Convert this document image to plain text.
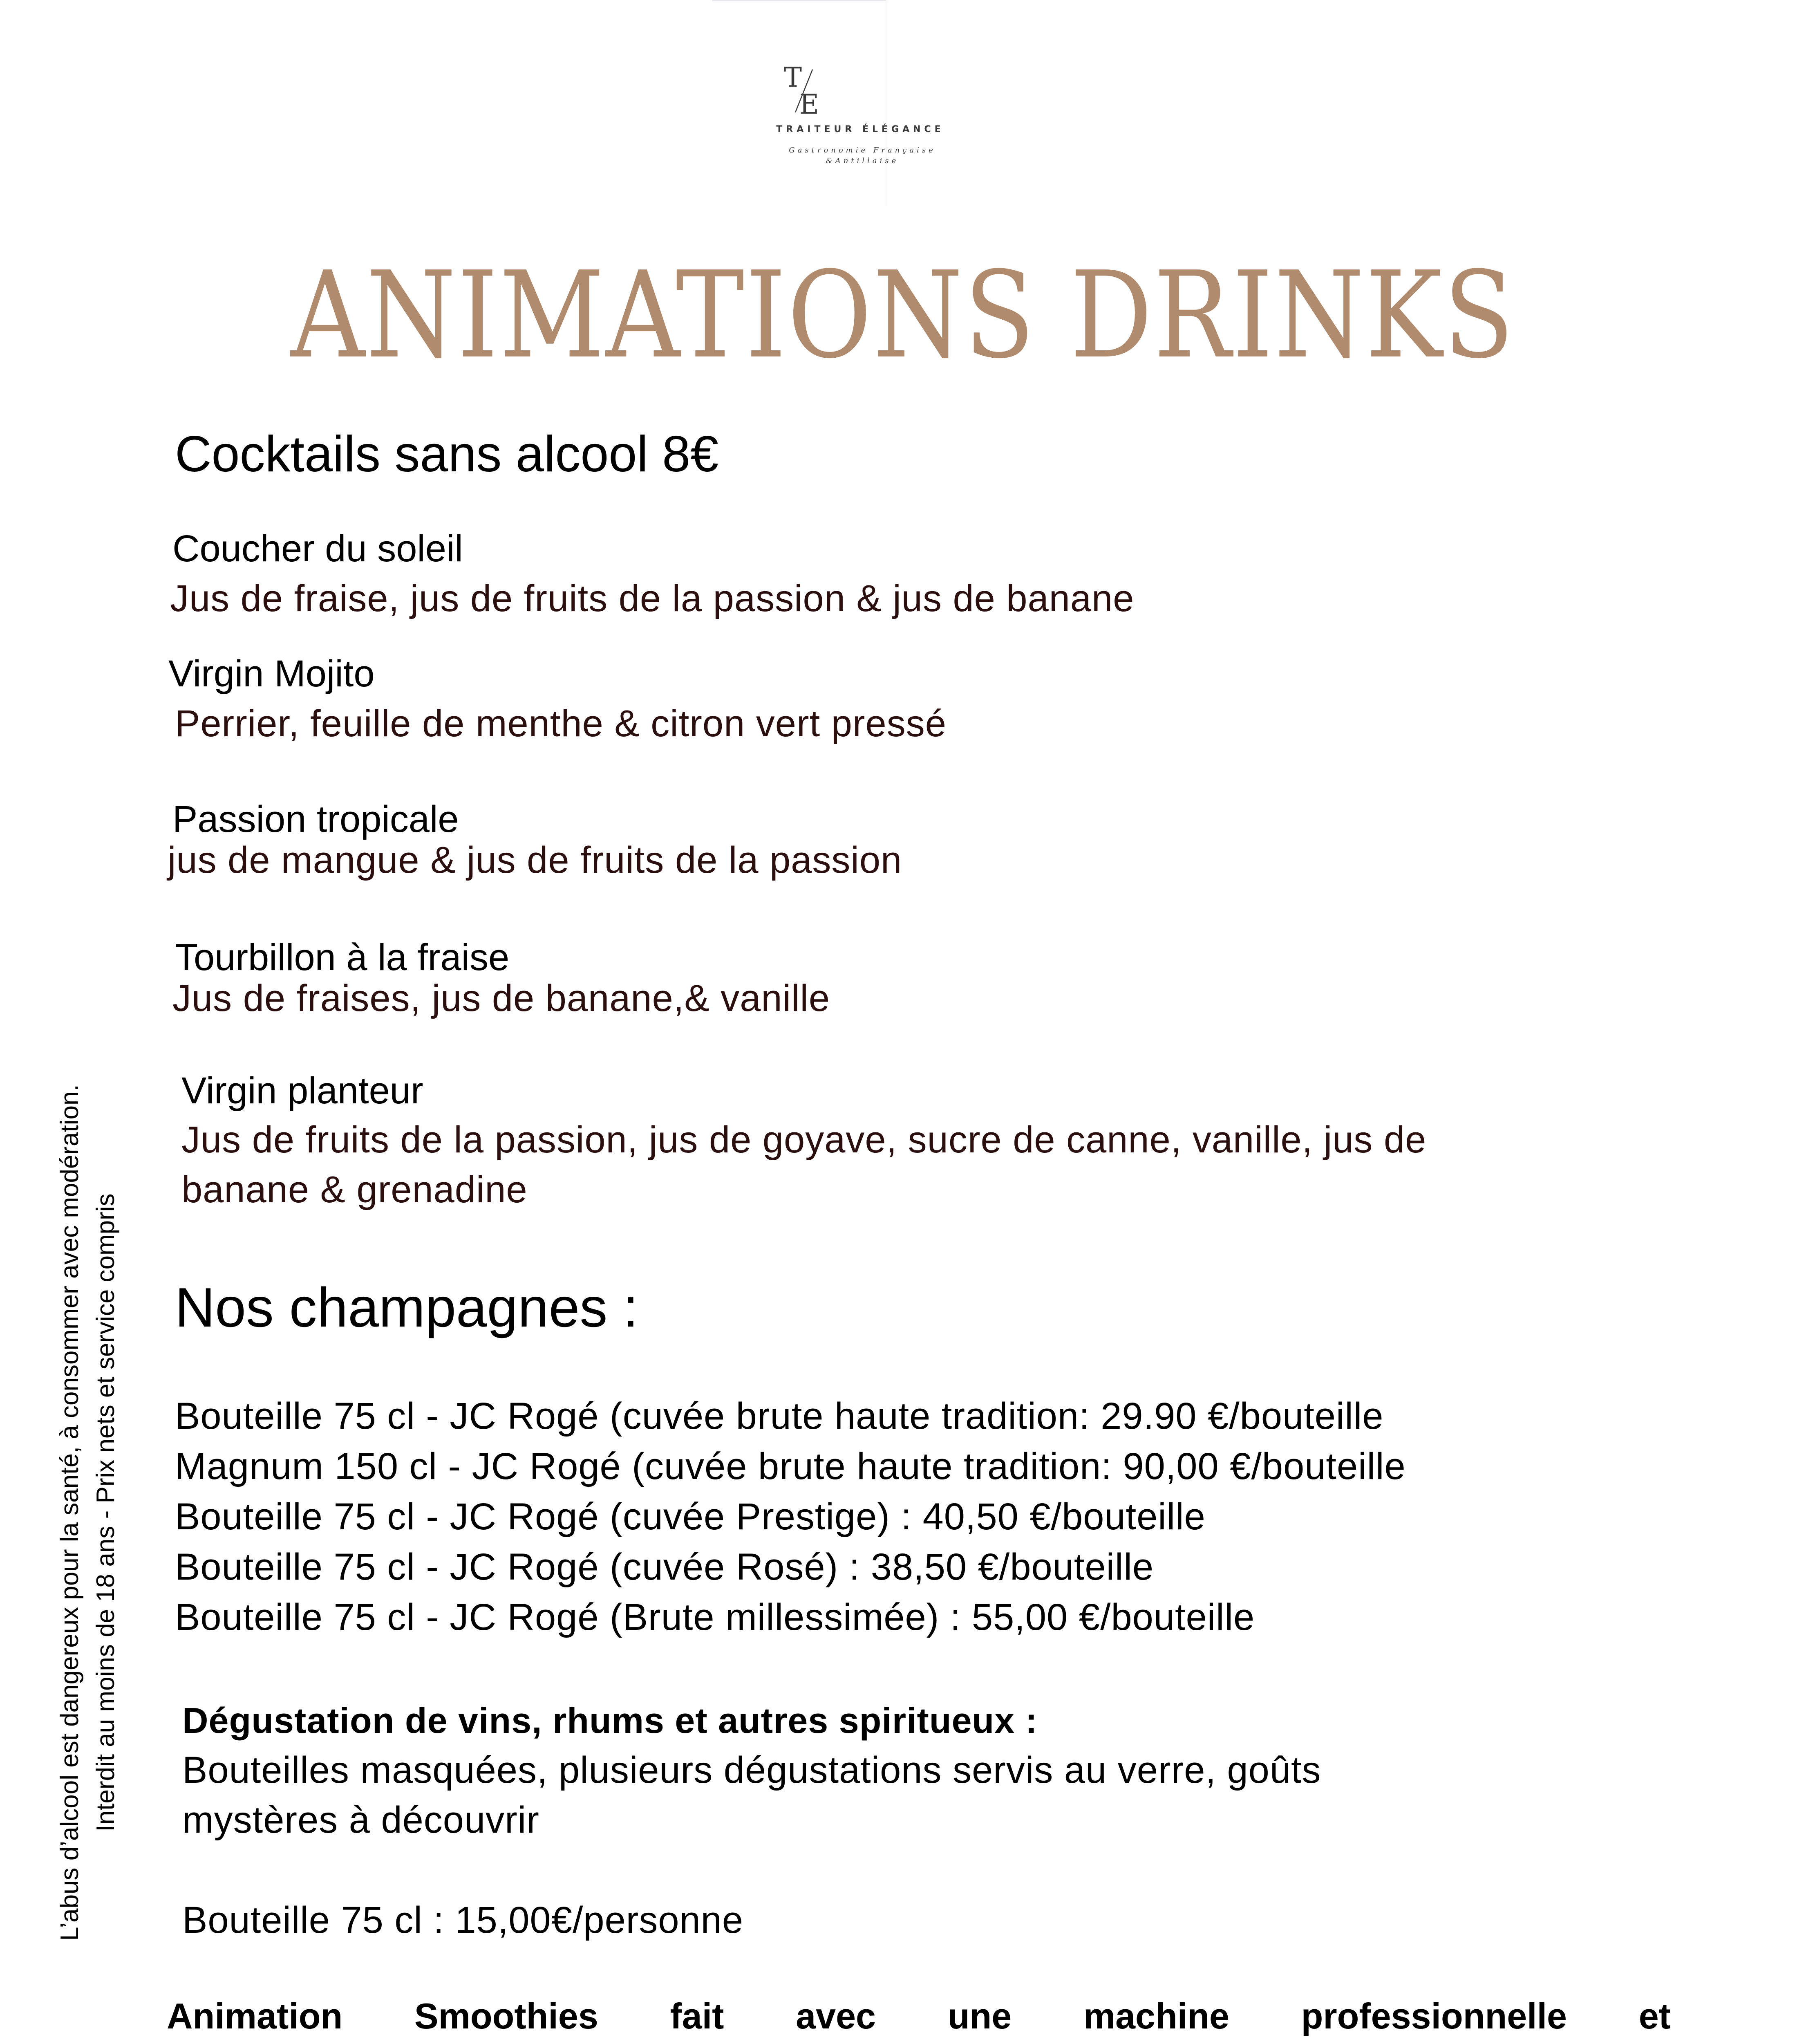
T
E
TRAITEUR ÉLÉGANCE
Gastronomie Française
&Antillaise
ANIMATIONS DRINKS
Cocktails sans alcool 8€
Coucher du soleil
Jus de fraise, jus de fruits de la passion & jus de banane
Virgin Mojito
Perrier, feuille de menthe & citron vert pressé
Passion tropicale
jus de mangue & jus de fruits de la passion
Tourbillon à la fraise
Jus de fraises, jus de banane,& vanille
Virgin planteur
Jus de fruits de la passion, jus de goyave, sucre de canne, vanille, jus de
banane & grenadine
Nos champagnes :
Bouteille 75 cl - JC Rogé (cuvée brute haute tradition: 29.90 €/bouteille
Magnum 150 cl - JC Rogé (cuvée brute haute tradition: 90,00 €/bouteille
Bouteille 75 cl - JC Rogé (cuvée Prestige) : 40,50 €/bouteille
Bouteille 75 cl - JC Rogé (cuvée Rosé) : 38,50 €/bouteille
Bouteille 75 cl - JC Rogé (Brute millessimée) : 55,00 €/bouteille
Dégustation de vins, rhums et autres spiritueux :
Bouteilles masquées, plusieurs dégustations servis au verre, goûts
mystères à découvrir
Bouteille 75 cl : 15,00€/personne
Animation Smoothies fait avec une machine professionnelle et

L’abus d’alcool est dangereux pour la santé, à consommer avec modération. Interdit au moins de 18 ans - Prix nets et service compris
